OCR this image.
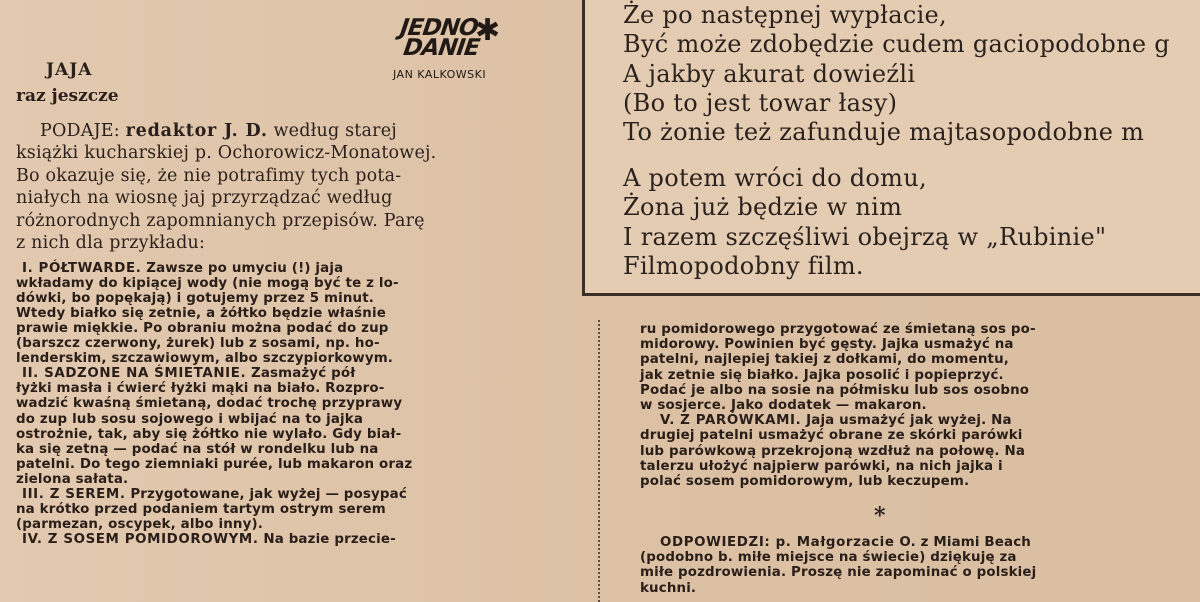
Że po następnej wypłacie,
Być może zdobędzie cudem gaciopodobne g
A jakby akurat dowieźli
(Bo to jest towar łasy)
To żonie też zafunduje majtasopodobne m
A potem wróci do domu,
Żona już będzie w nim
I razem szczęśliwi obejrzą w „Rubinie"
Filmopodobny film.
JEDNO
DANIE
✱
JAN KALKOWSKI
JAJA
raz jeszcze
PODAJE: redaktor J. D. według starej
książki kucharskiej p. Ochorowicz-Monatowej.
Bo okazuje się, że nie potrafimy tych pota-
niałych na wiosnę jaj przyrządzać według
różnorodnych zapomnianych przepisów. Parę
z nich dla przykładu:
I. PÓŁTWARDE. Zawsze po umyciu (!) jaja
wkładamy do kipiącej wody (nie mogą być te z lo-
dówki, bo popękają) i gotujemy przez 5 minut.
Wtedy białko się zetnie, a żółtko będzie właśnie
prawie miękkie. Po obraniu można podać do zup
(barszcz czerwony, żurek) lub z sosami, np. ho-
lenderskim, szczawiowym, albo szczypiorkowym.
II. SADZONE NA ŚMIETANIE. Zasmażyć pół
łyżki masła i ćwierć łyżki mąki na biało. Rozpro-
wadzić kwaśną śmietaną, dodać trochę przyprawy
do zup lub sosu sojowego i wbijać na to jajka
ostrożnie, tak, aby się żółtko nie wylało. Gdy biał-
ka się zetną — podać na stół w rondelku lub na
patelni. Do tego ziemniaki purée, lub makaron oraz
zielona sałata.
III. Z SEREM. Przygotowane, jak wyżej — posypać
na krótko przed podaniem tartym ostrym serem
(parmezan, oscypek, albo inny).
IV. Z SOSEM POMIDOROWYM. Na bazie przecie-
ru pomidorowego przygotować ze śmietaną sos po-
midorowy. Powinien być gęsty. Jajka usmażyć na
patelni, najlepiej takiej z dołkami, do momentu,
jak zetnie się białko. Jajka posolić i popieprzyć.
Podać je albo na sosie na półmisku lub sos osobno
w sosjerce. Jako dodatek — makaron.
V. Z PARÓWKAMI. Jaja usmażyć jak wyżej. Na
drugiej patelni usmażyć obrane ze skórki parówki
lub parówkową przekrojoną wzdłuż na połowę. Na
talerzu ułożyć najpierw parówki, na nich jajka i
polać sosem pomidorowym, lub keczupem.
*
ODPOWIEDZI: p. Małgorzacie O. z Miami Beach
(podobno b. miłe miejsce na świecie) dziękuję za
miłe pozdrowienia. Proszę nie zapominać o polskiej
kuchni.
